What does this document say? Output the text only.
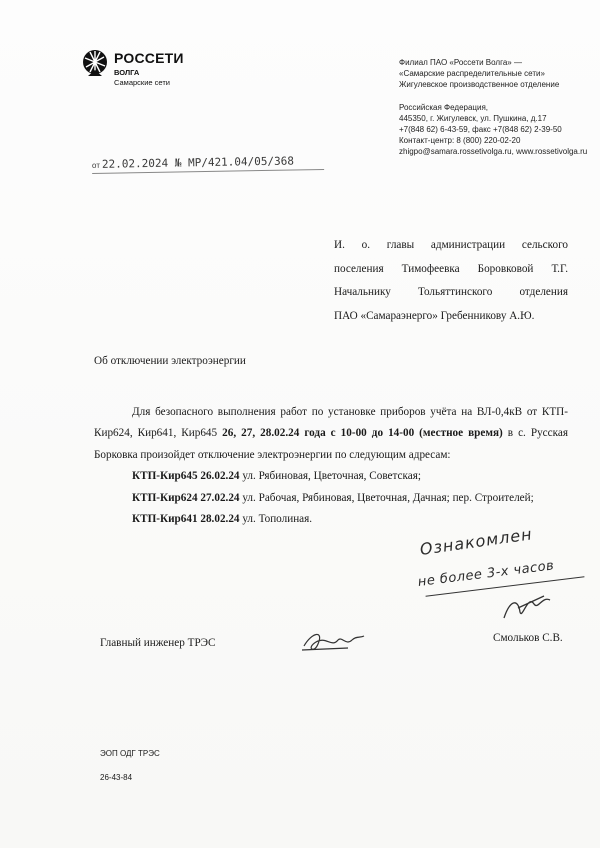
РОССЕТИ
ВОЛГА
Самарские сети
Филиал ПАО «Россети Волга» —
«Самарские распределительные сети»
Жигулевское производственное отделение
Российская Федерация,
445350, г. Жигулевск, ул. Пушкина, д.17
+7(848 62) 6-43-59, факс +7(848 62) 2-39-50
Контакт-центр: 8 (800) 220-02-20
zhigpo@samara.rossetivolga.ru, www.rossetivolga.ru
от 22.02.2024 № МР/421.04/05/368
И. о. главы администрации сельского
поселения Тимофеевка Боровковой Т.Г.
Начальнику Тольяттинского отделения
ПАО «Самараэнерго» Гребенникову А.Ю.
Об отключении электроэнергии
Для безопасного выполнения работ по установке приборов учёта на ВЛ-0,4кВ от КТП-Кир624, Кир641, Кир645 26, 27, 28.02.24 года с 10-00 до 14-00 (местное время) в с. Русская Борковка произойдет отключение электроэнергии по следующим адресам:
КТП-Кир645 26.02.24 ул. Рябиновая, Цветочная, Советская;
КТП-Кир624 27.02.24 ул. Рабочая, Рябиновая, Цветочная, Дачная; пер. Строителей;
КТП-Кир641 28.02.24 ул. Тополиная.
Ознакомлен
не более 3-х часов
Главный инженер ТРЭС	Смольков С.В.
ЭОП ОДГ ТРЭС
26-43-84
